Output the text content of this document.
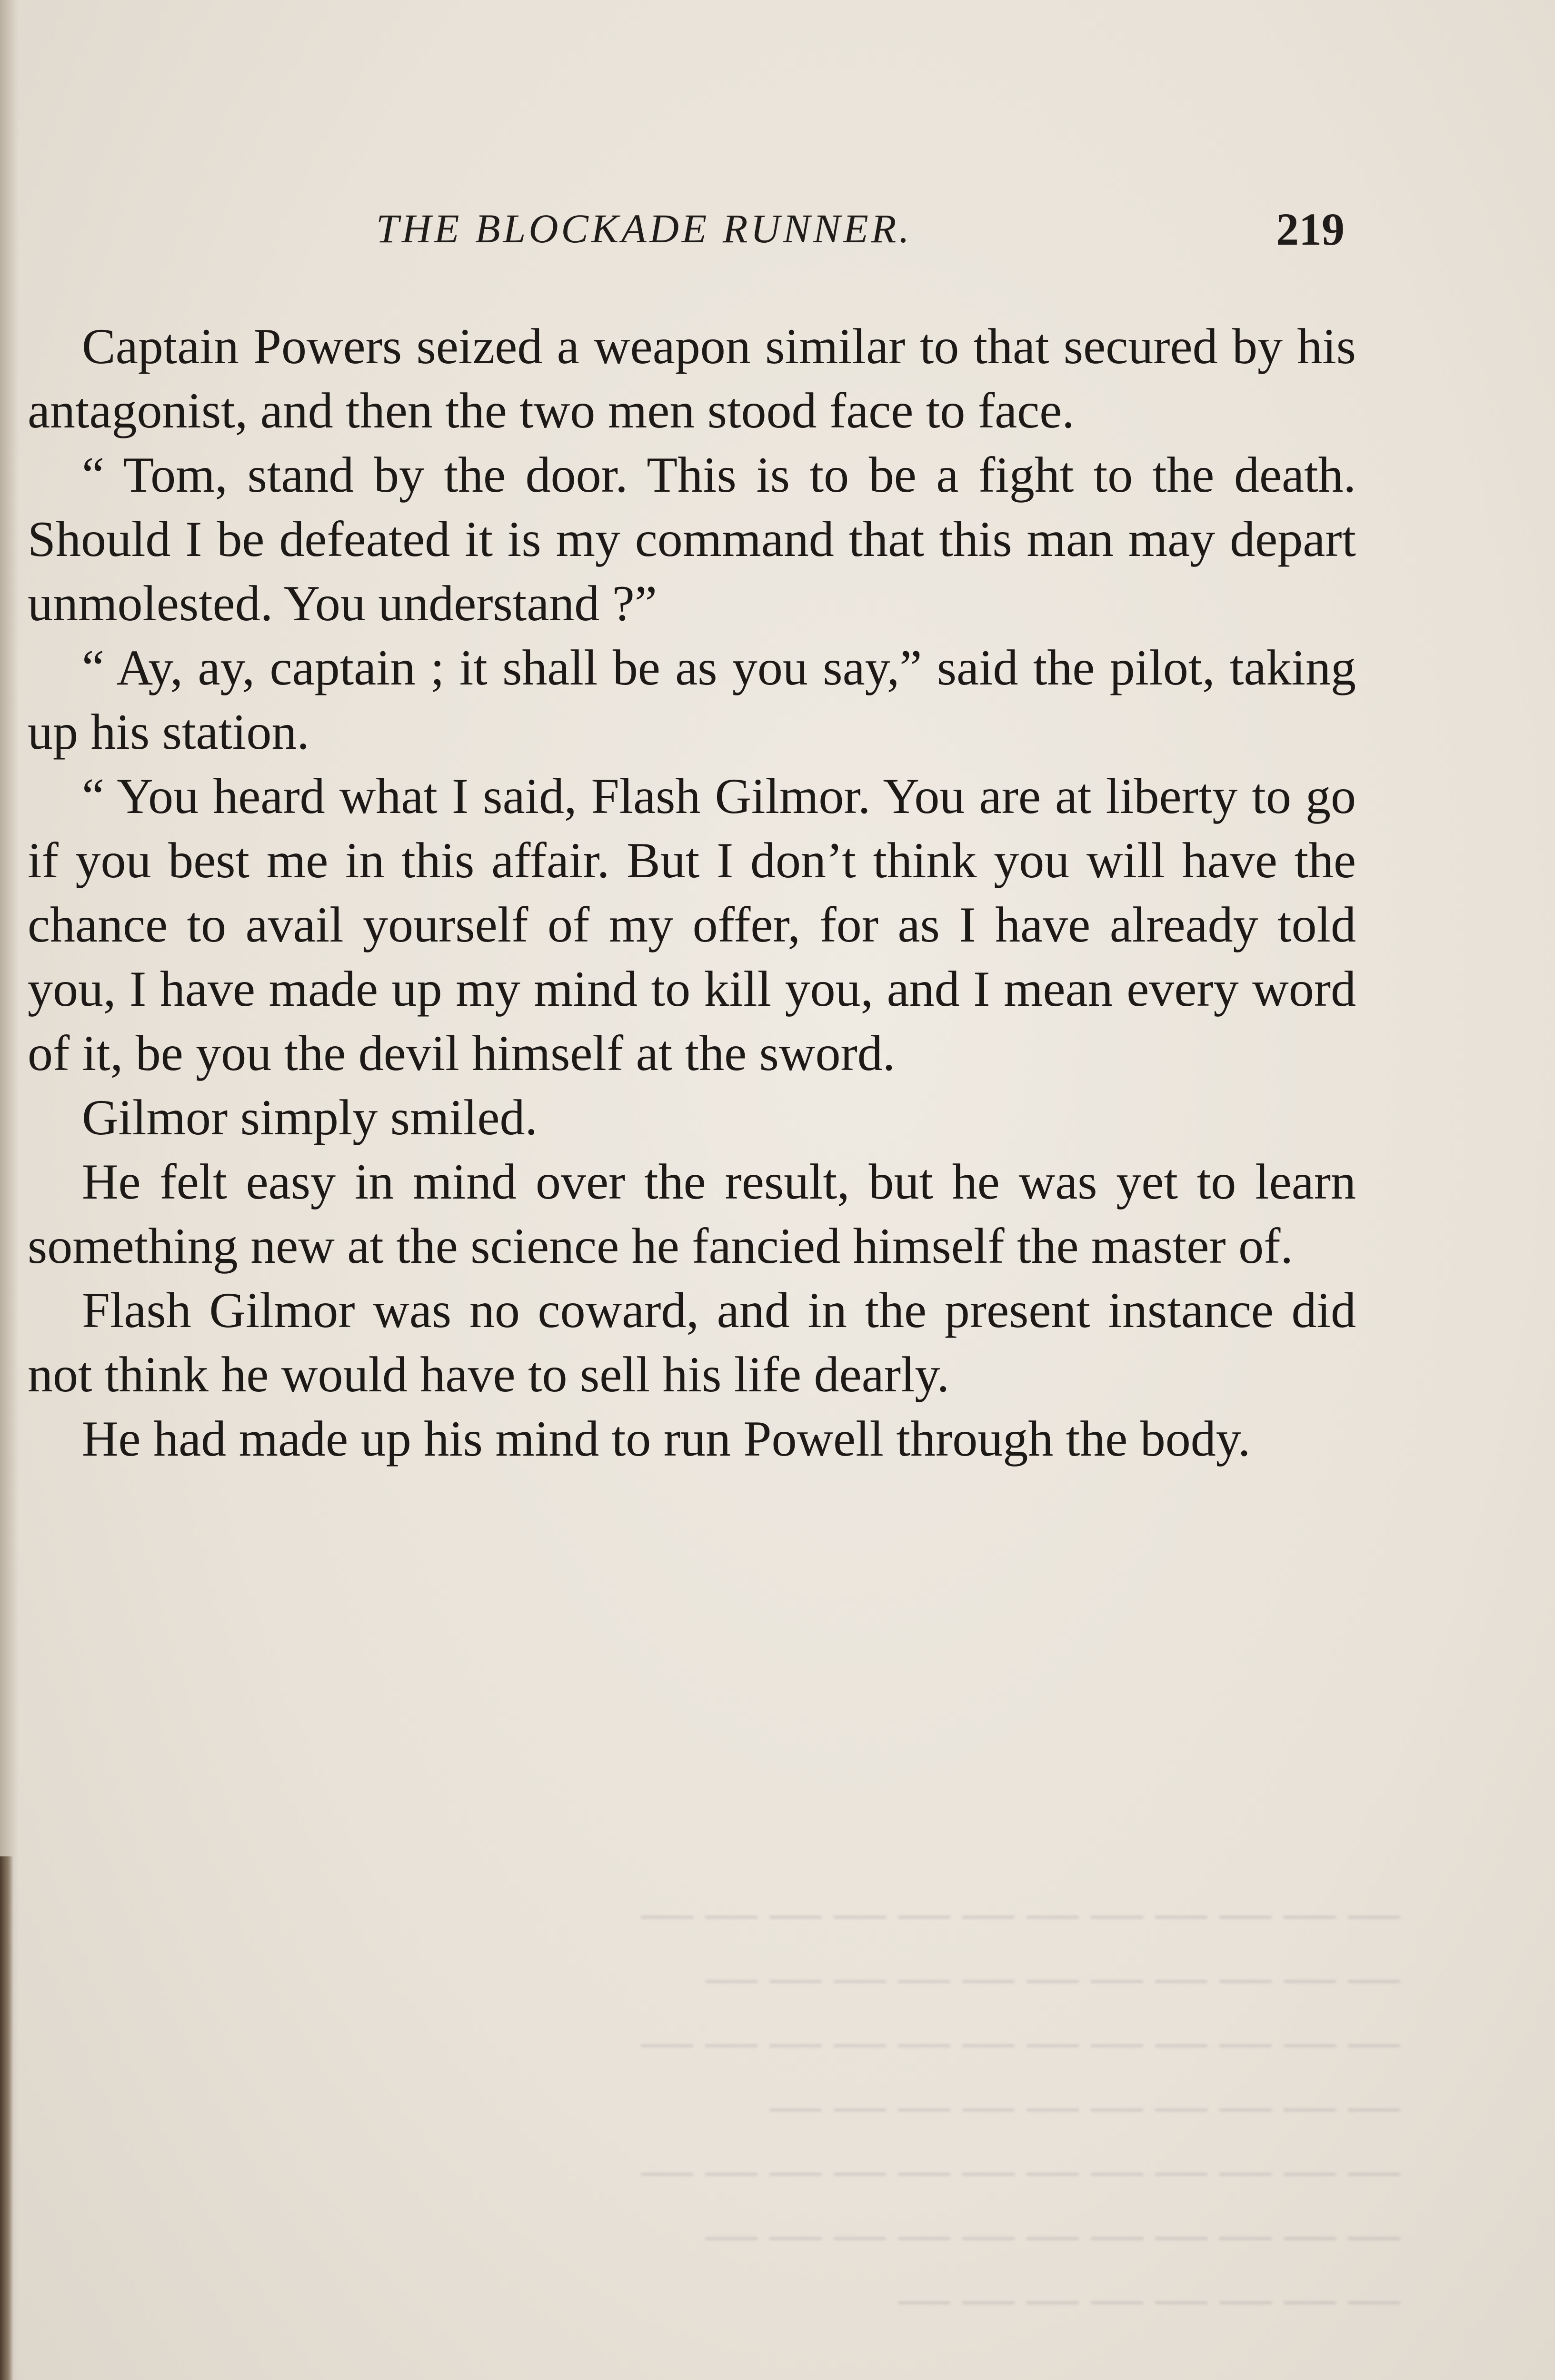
— — — — — — — — — — — —
— — — — — — — — — — —
— — — — — — — — — — — —
— — — — — — — — — —
— — — — — — — — — — — —
— — — — — — — — — — —
— — — — — — — —
THE BLOCKADE RUNNER.	219

Captain Powers seized a weapon similar to that secured by his antagonist, and then the two men stood face to face.

“ Tom, stand by the door. This is to be a fight to the death. Should I be defeated it is my command that this man may depart unmolested. You understand ?”

“ Ay, ay, captain ; it shall be as you say,” said the pilot, taking up his station.

“ You heard what I said, Flash Gilmor. You are at liberty to go if you best me in this affair. But I don’t think you will have the chance to avail yourself of my offer, for as I have already told you, I have made up my mind to kill you, and I mean every word of it, be you the devil himself at the sword.

Gilmor simply smiled.

He felt easy in mind over the result, but he was yet to learn something new at the science he fancied himself the master of.

Flash Gilmor was no coward, and in the present instance did not think he would have to sell his life dearly.

He had made up his mind to run Powell through the body.
